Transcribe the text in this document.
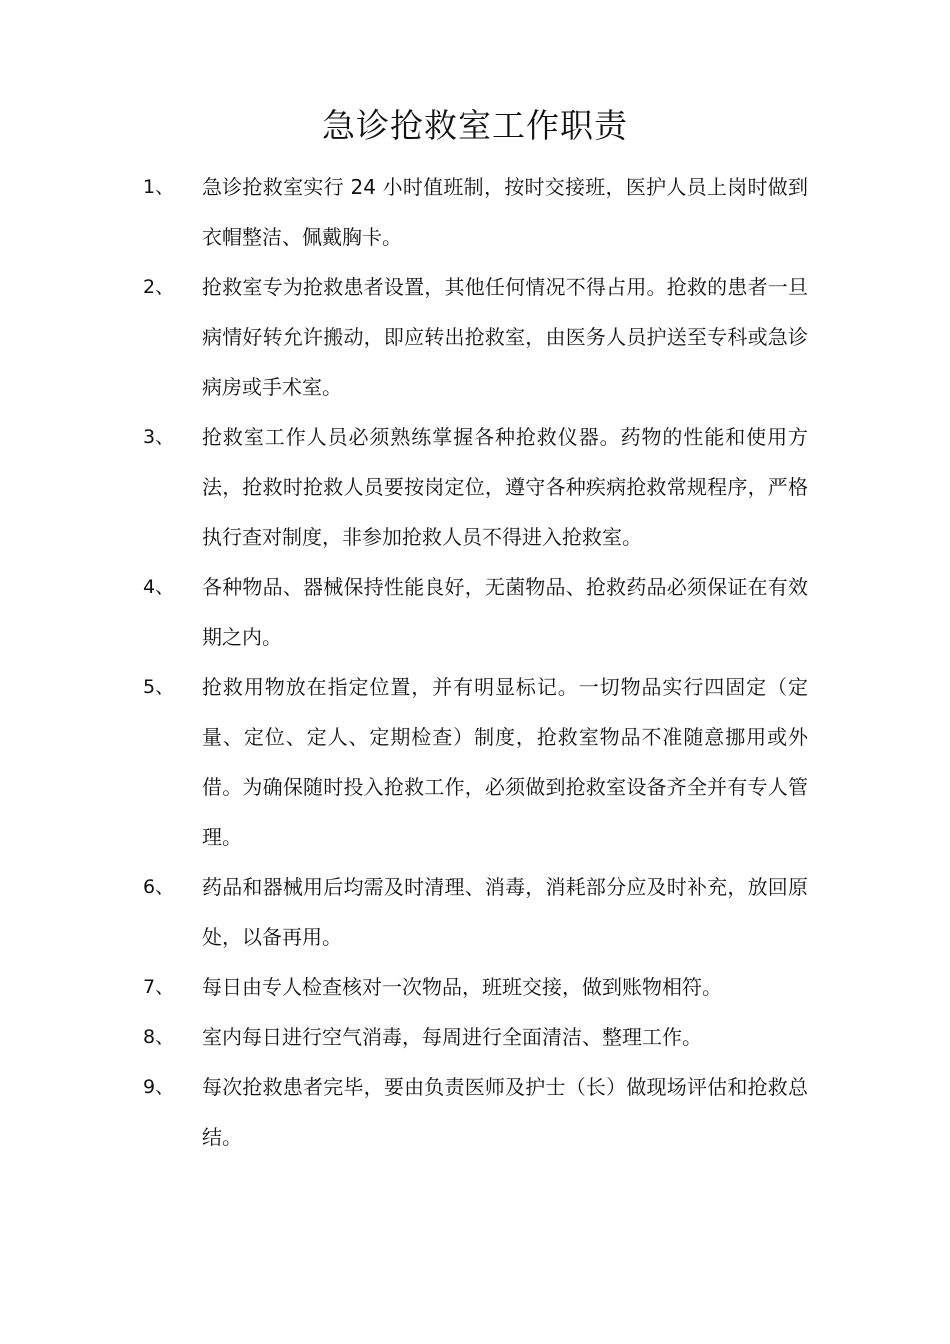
急诊抢救室工作职责
1、	急诊抢救室实行 24 小时值班制，按时交接班，医护人员上岗时做到衣帽整洁、佩戴胸卡。
2、	抢救室专为抢救患者设置，其他任何情况不得占用。抢救的患者一旦病情好转允许搬动，即应转出抢救室，由医务人员护送至专科或急诊病房或手术室。
3、	抢救室工作人员必须熟练掌握各种抢救仪器。药物的性能和使用方法，抢救时抢救人员要按岗定位，遵守各种疾病抢救常规程序，严格执行查对制度，非参加抢救人员不得进入抢救室。
4、	各种物品、器械保持性能良好，无菌物品、抢救药品必须保证在有效期之内。
5、	抢救用物放在指定位置，并有明显标记。一切物品实行四固定（定量、定位、定人、定期检查）制度，抢救室物品不准随意挪用或外借。为确保随时投入抢救工作，必须做到抢救室设备齐全并有专人管理。
6、	药品和器械用后均需及时清理、消毒，消耗部分应及时补充，放回原处，以备再用。
7、	每日由专人检查核对一次物品，班班交接，做到账物相符。
8、	室内每日进行空气消毒，每周进行全面清洁、整理工作。
9、	每次抢救患者完毕，要由负责医师及护士（长）做现场评估和抢救总结。
